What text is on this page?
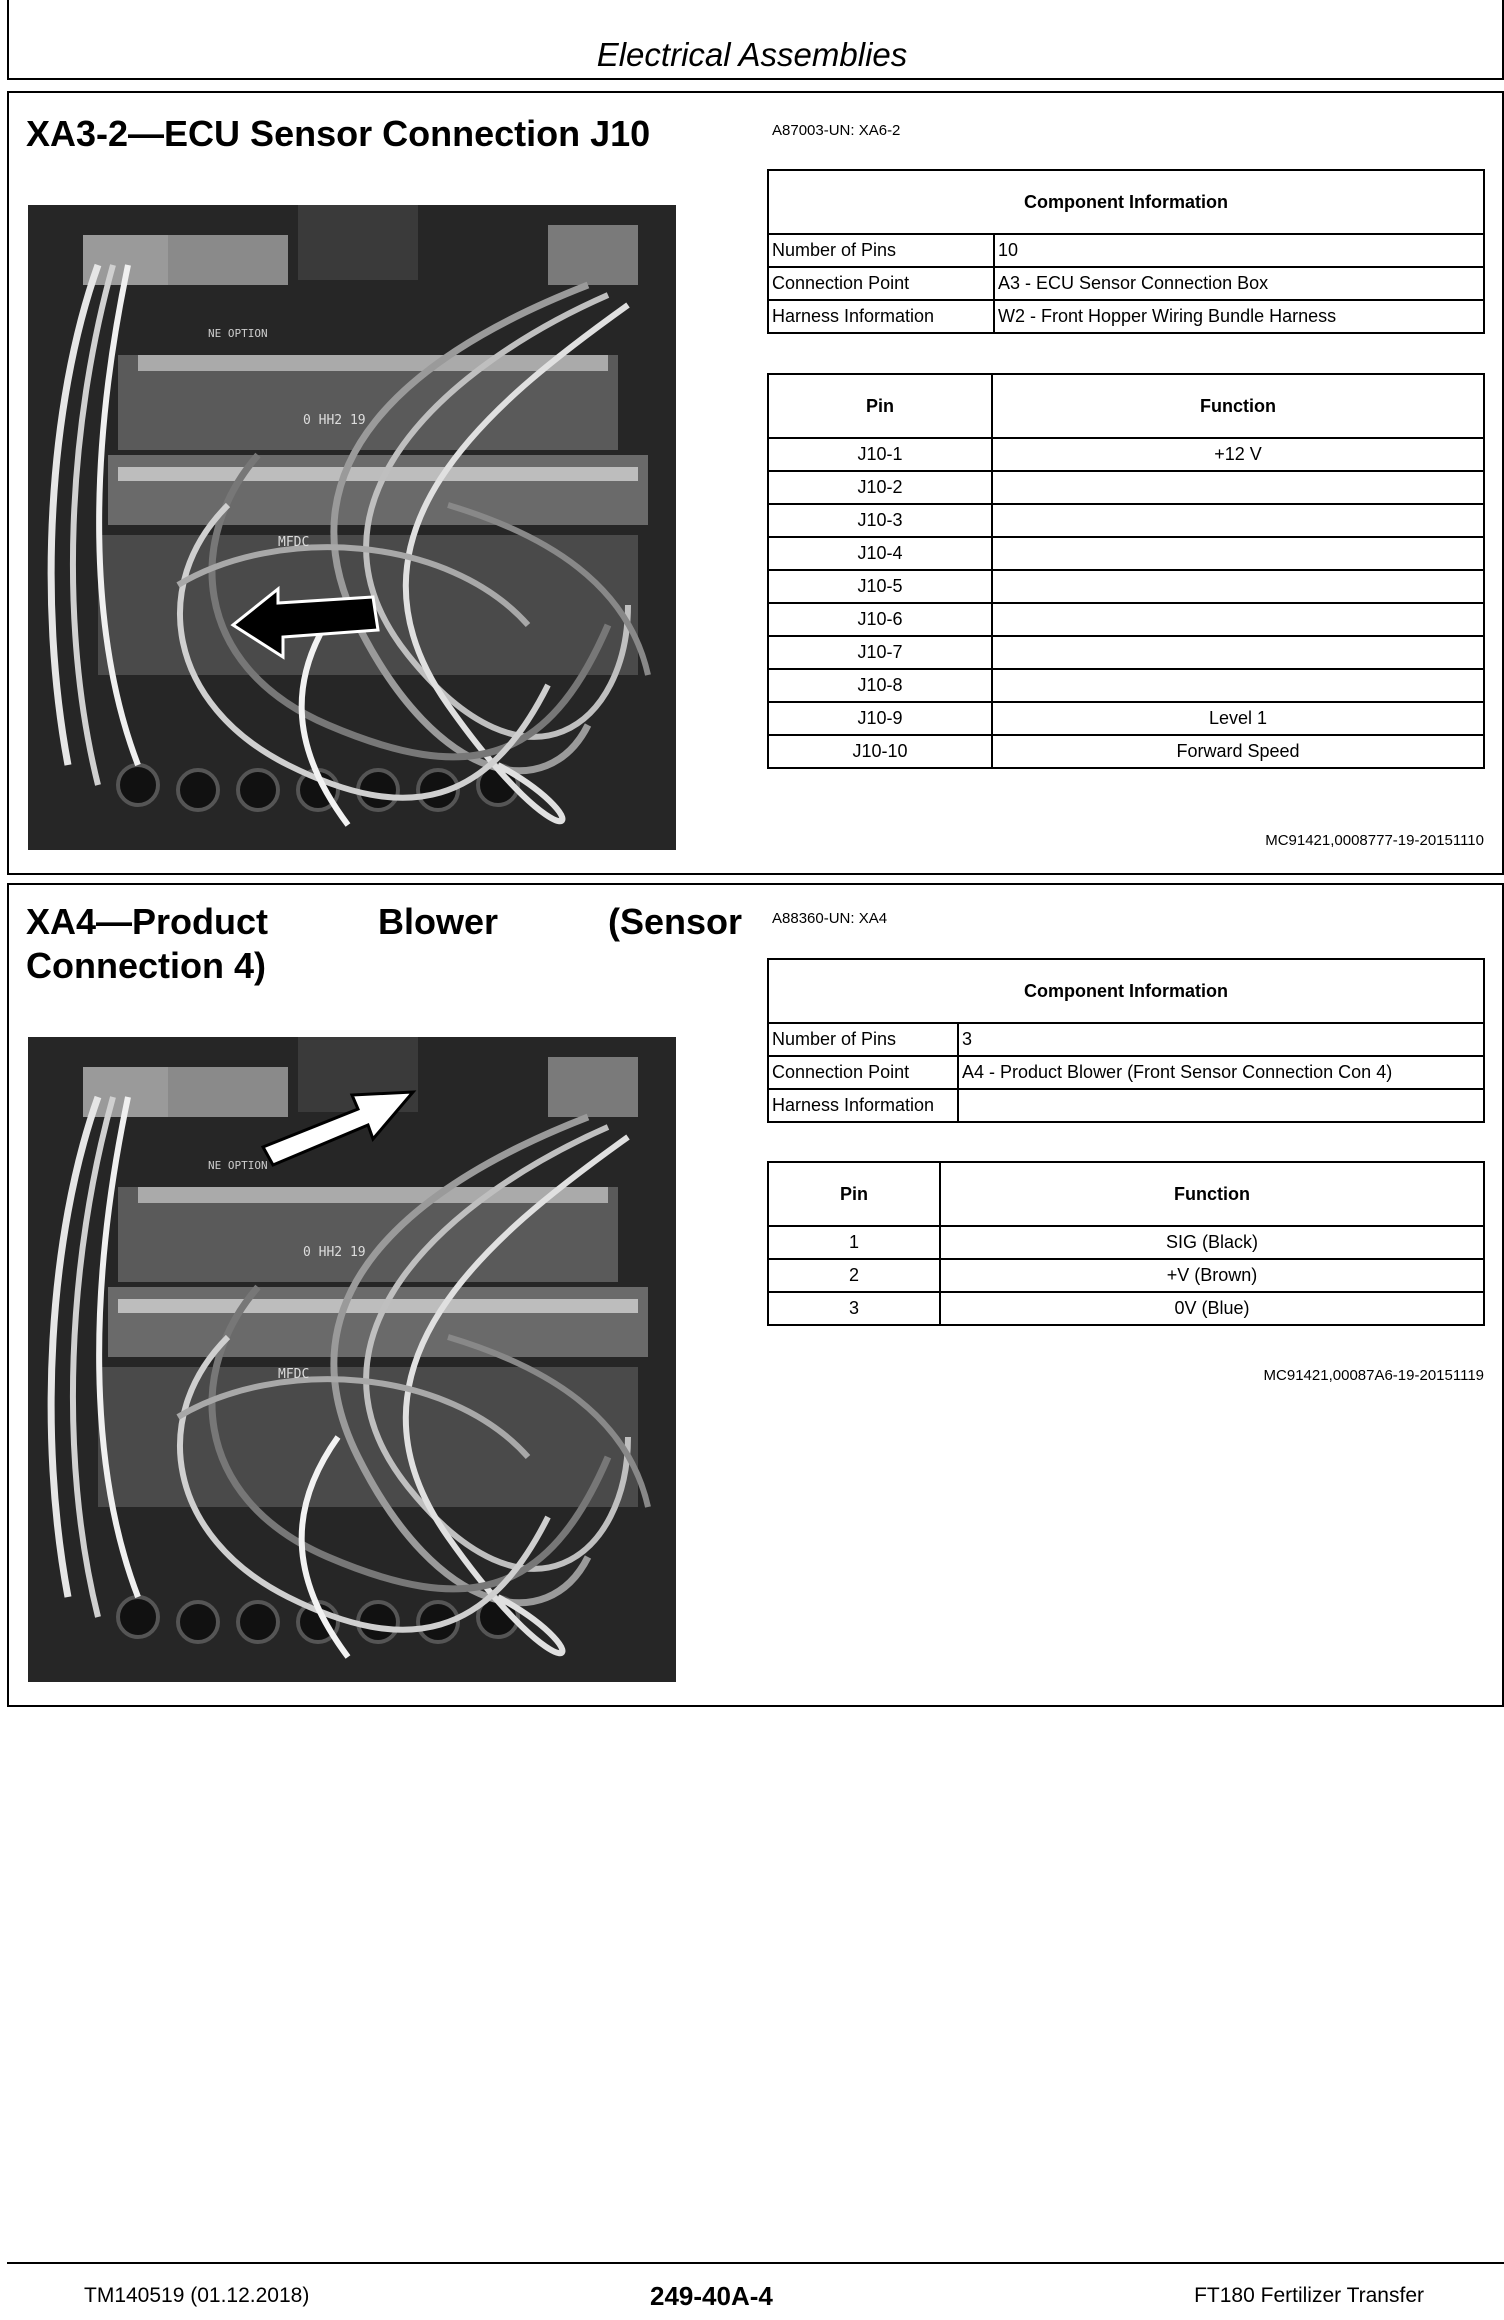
Electrical Assemblies
XA3-2—ECU Sensor Connection J10	A87003-UN: XA6-2
0 HH2 19
MFDC
NE OPTION
Component Information	
Number of Pins	10
Connection Point	A3 - ECU Sensor Connection Box
Harness Information	W2 - Front Hopper Wiring Bundle Harness
Pin	Function
J10-1	+12 V
J10-2	
J10-3	
J10-4	
J10-5	
J10-6	
J10-7	
J10-8	
J10-9	Level 1
J10-10	Forward Speed
MC91421,0008777-19-20151110
XA4—Product	Blower	(Sensor
Connection 4)
A88360-UN: XA4
0 HH2 19
MFDC
NE OPTION
Component Information	
Number of Pins	3
Connection Point	A4 - Product Blower (Front Sensor Connection Con 4)
Harness Information	
Pin	Function
1	SIG (Black)
2	+V (Brown)
3	0V (Blue)
MC91421,00087A6-19-20151119
TM140519 (01.12.2018)	249-40A-4	FT180 Fertilizer Transfer
